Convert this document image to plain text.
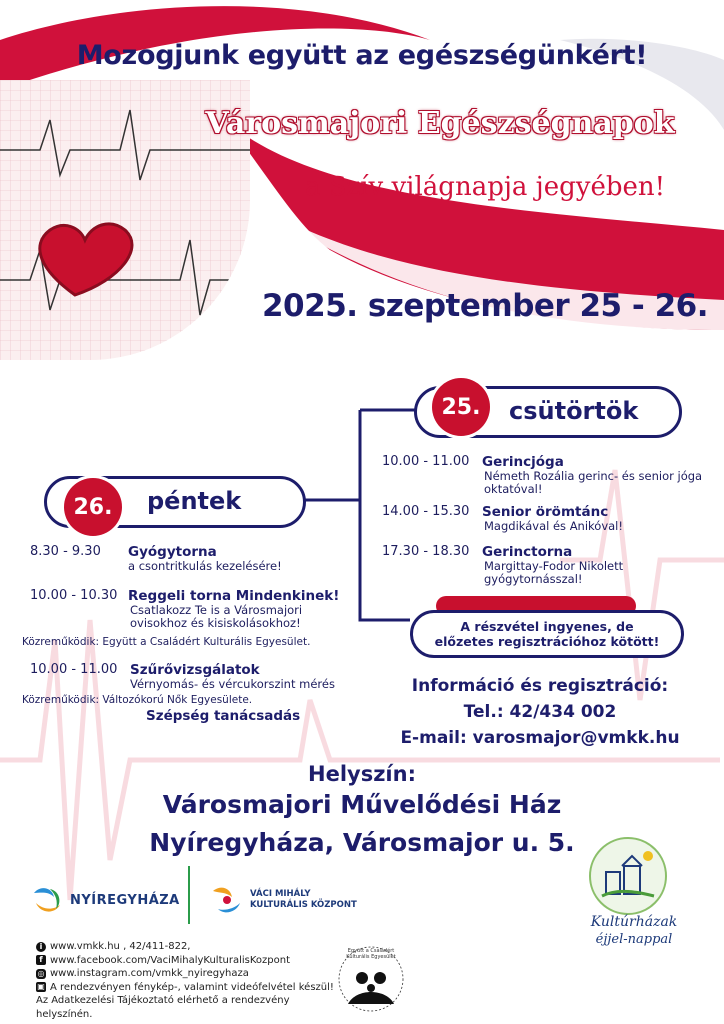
Mozogjunk együtt az egészségünkért!
Városmajori Egészségnapok
a Szív világnapja jegyében!
2025. szeptember 25 - 26.
csütörtök
25.
10.00 - 11.00 Gerincjóga
Németh Rozália gerinc- és senior jóga oktatóval!
14.00 - 15.30 Senior örömtánc
Magdikával és Anikóval!
17.30 - 18.30 Gerinctorna
Margittay-Fodor Nikolett gyógytornásszal!
A részvétel ingyenes, de előzetes regisztrációhoz kötött!
péntek
26.
8.30 - 9.30 Gyógytorna
a csontritkulás kezelésére!
10.00 - 10.30 Reggeli torna Mindenkinek!
Csatlakozz Te is a Városmajori ovisokhoz és kisiskolásokhoz!
Közreműködik: Együtt a Családért Kulturális Egyesület.
10.00 - 11.00 Szűrővizsgálatok
Vérnyomás- és vércukorszint mérés
Közreműködik: Változókorú Nők Egyesülete.
Szépség tanácsadás
Információ és regisztráció:
Tel.: 42/434 002
E-mail: varosmajor@vmkk.hu
Helyszín:
Városmajori Művelődési Ház
Nyíregyháza, Városmajor u. 5.
NYÍREGYHÁZA	VÁCI MIHÁLY
KULTURÁLIS KÖZPONT
Kultúrházak
éjjel-nappal
Együtt a Családért Kulturális Egyesület
i www.vmkk.hu , 42/411-822,
f www.facebook.com/VaciMihalyKulturalisKozpont
◎ www.instagram.com/vmkk_nyiregyhaza
▣ A rendezvényen fénykép-, valamint videófelvétel készül!
Az Adatkezelési Tájékoztató elérhető a rendezvény helyszínén.
